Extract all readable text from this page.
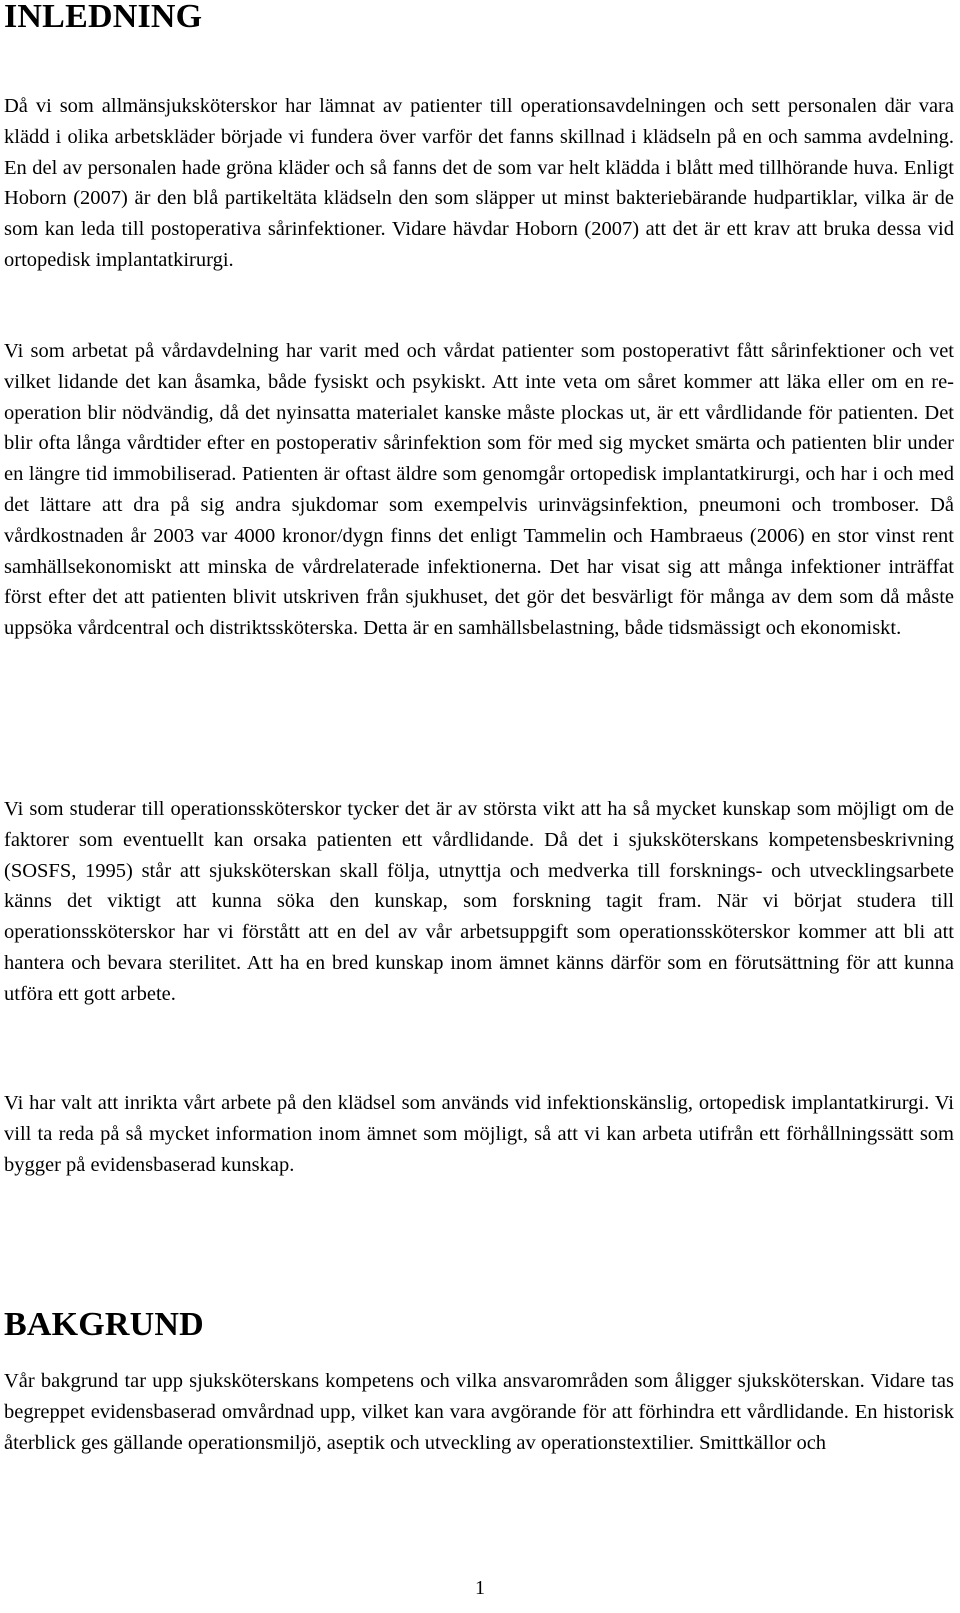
INLEDNING

Då vi som allmänsjuksköterskor har lämnat av patienter till operationsavdelningen och sett personalen där vara klädd i olika arbetskläder började vi fundera över varför det fanns skillnad i klädseln på en och samma avdelning. En del av personalen hade gröna kläder och så fanns det de som var helt klädda i blått med tillhörande huva. Enligt Hoborn (2007) är den blå partikeltäta klädseln den som släpper ut minst bakteriebärande hudpartiklar, vilka är de som kan leda till postoperativa sårinfektioner. Vidare hävdar Hoborn (2007) att det är ett krav att bruka dessa vid ortopedisk implantatkirurgi.

Vi som arbetat på vårdavdelning har varit med och vårdat patienter som postoperativt fått sårinfektioner och vet vilket lidande det kan åsamka, både fysiskt och psykiskt. Att inte veta om såret kommer att läka eller om en re-operation blir nödvändig, då det nyinsatta materialet kanske måste plockas ut, är ett vårdlidande för patienten. Det blir ofta långa vårdtider efter en postoperativ sårinfektion som för med sig mycket smärta och patienten blir under en längre tid immobiliserad. Patienten är oftast äldre som genomgår ortopedisk implantatkirurgi, och har i och med det lättare att dra på sig andra sjukdomar som exempelvis urinvägsinfektion, pneumoni och tromboser. Då vårdkostnaden år 2003 var 4000 kronor/dygn finns det enligt Tammelin och Hambraeus (2006) en stor vinst rent samhällsekonomiskt att minska de vårdrelaterade infektionerna. Det har visat sig att många infektioner inträffat först efter det att patienten blivit utskriven från sjukhuset, det gör det besvärligt för många av dem som då måste uppsöka vårdcentral och distriktssköterska. Detta är en samhällsbelastning, både tidsmässigt och ekonomiskt.

Vi som studerar till operationssköterskor tycker det är av största vikt att ha så mycket kunskap som möjligt om de faktorer som eventuellt kan orsaka patienten ett vårdlidande. Då det i sjuksköterskans kompetensbeskrivning (SOSFS, 1995) står att sjuksköterskan skall följa, utnyttja och medverka till forsknings- och utvecklingsarbete känns det viktigt att kunna söka den kunskap, som forskning tagit fram. När vi börjat studera till operationssköterskor har vi förstått att en del av vår arbetsuppgift som operationssköterskor kommer att bli att hantera och bevara sterilitet. Att ha en bred kunskap inom ämnet känns därför som en förutsättning för att kunna utföra ett gott arbete.

Vi har valt att inrikta vårt arbete på den klädsel som används vid infektionskänslig, ortopedisk implantatkirurgi. Vi vill ta reda på så mycket information inom ämnet som möjligt, så att vi kan arbeta utifrån ett förhållningssätt som bygger på evidensbaserad kunskap.

BAKGRUND

Vår bakgrund tar upp sjuksköterskans kompetens och vilka ansvarområden som åligger sjuksköterskan. Vidare tas begreppet evidensbaserad omvårdnad upp, vilket kan vara avgörande för att förhindra ett vårdlidande. En historisk återblick ges gällande operationsmiljö, aseptik och utveckling av operationstextilier. Smittkällor och

1
